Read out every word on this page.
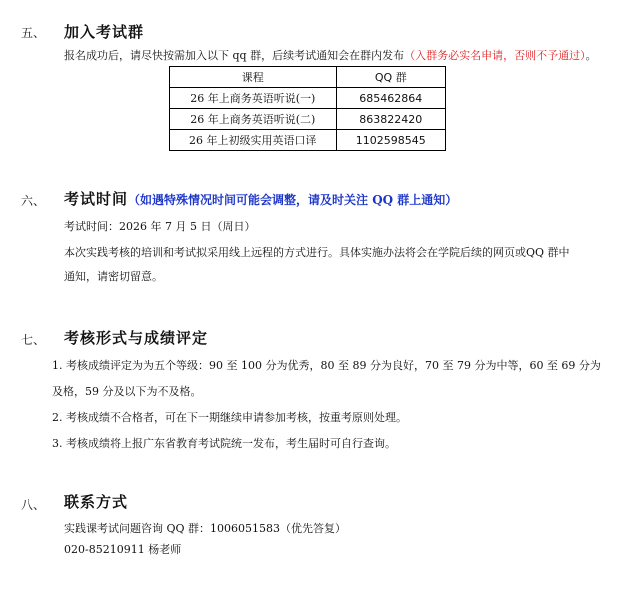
五、 加入考试群
报名成功后，请尽快按需加入以下 qq 群，后续考试通知会在群内发布（入群务必实名申请，否则不予通过）。
课程	QQ 群
26 年上商务英语听说(一)	685462864
26 年上商务英语听说(二)	863822420
26 年上初级实用英语口译	1102598545
六、 考试时间（如遇特殊情况时间可能会调整，请及时关注 QQ 群上通知）
考试时间：2026 年 7 月 5 日（周日）
本次实践考核的培训和考试拟采用线上远程的方式进行。具体实施办法将会在学院后续的网页或QQ 群中
通知，请密切留意。
七、 考核形式与成绩评定
1. 考核成绩评定为为五个等级：90 至 100 分为优秀，80 至 89 分为良好，70 至 79 分为中等，60 至 69 分为
及格，59 分及以下为不及格。
2. 考核成绩不合格者，可在下一期继续申请参加考核，按重考原则处理。
3. 考核成绩将上报广东省教育考试院统一发布，考生届时可自行查询。
八、 联系方式
实践课考试问题咨询 QQ 群：1006051583（优先答复）
020-85210911 杨老师
